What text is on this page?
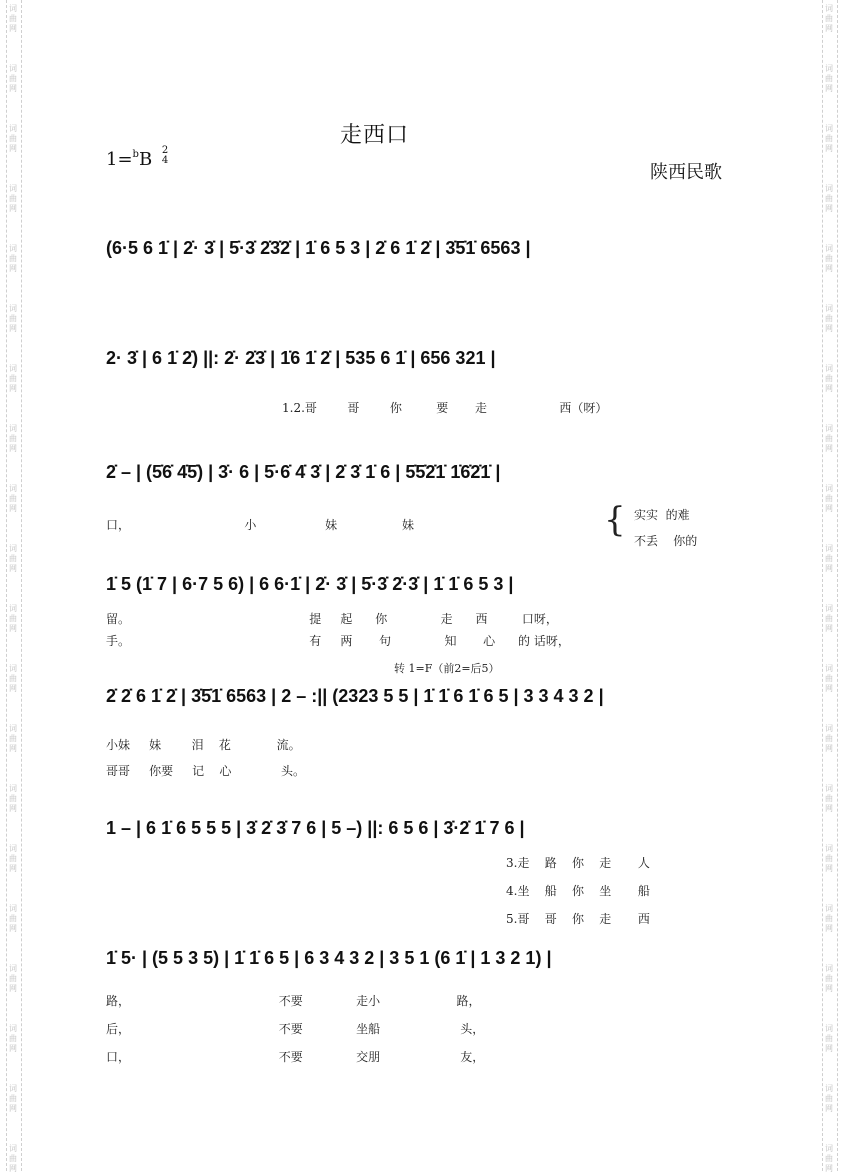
词
曲
网
词
曲
网
词
曲
网
词
曲
网
词
曲
网
词
曲
网
词
曲
网
词
曲
网
词
曲
网
词
曲
网
词
曲
网
词
曲
网
词
曲
网
词
曲
网
词
曲
网
词
曲
网
词
曲
网
词
曲
网
词
曲
网
词
曲
网
词
曲
网
词
曲
网
词
曲
网
词
曲
网
词
曲
网
词
曲
网
词
曲
网
词
曲
网
词
曲
网
词
曲
网
词
曲
网
词
曲
网
词
曲
网
词
曲
网
词
曲
网
词
曲
网
词
曲
网
词
曲
网
词
曲
网
词
曲
网
走西口
1=$^b$B 2
4
陕西民歌
(6·5 6 1̇ | 2̇· 3̇ | 5̇·3̇ 2̇3̇2̇ | 1̇ 6 5 3 | 2̇ 6 1̇ 2̇ | 3̇5̇1̇ 6563 |
2· 3̇ | 6 1̇ 2̇) ||: 2̇· 2̇3̇ | 1̇6 1̇ 2̇ | 535 6 1̇ | 656 321 |
1.2.哥        哥        你         要       走                   西（呀）
2̇ – | (5̇6̇ 4̇5̇) | 3̇· 6 | 5̇·6̇ 4̇ 3̇ | 2̇ 3̇ 1̇ 6 | 5̇5̇2̇1̇ 1̇6̇2̇1̇ |
口，                              小                  妹                 妹	{ 实实  的难
不丢    你的
1̇ 5 (1̇ 7 | 6·7 5 6) | 6 6·1̇ | 2̇· 3̇ | 5̇·3̇ 2̇·3̇ | 1̇ 1̇ 6 5 3 |
留。                                               提     起      你              走      西         口呀，
手。                                               有     两       句              知       心      的 话呀，
转 1=F（前2=后5）
2̇ 2̇ 6 1̇ 2̇ | 3̇5̇1̇ 6563 | 2 – :|| (2323 5 5 | 1̇ 1̇ 6 1̇ 6 5 | 3 3 4 3 2 |
小妹     妹        泪    花            流。
哥哥     你要     记    心             头。
1 – | 6 1̇ 6 5 5 5 | 3̇ 2̇ 3̇ 7 6 | 5 –) ||: 6 5 6 | 3̇·2̇ 1̇ 7 6 |
3.走    路    你    走       人
4.坐    船    你    坐       船
5.哥    哥    你    走       西
1̇ 5· | (5 5 3 5) | 1̇ 1̇ 6 5 | 6 3 4 3 2 | 3 5 1 (6 1̇ | 1 3 2 1) |
路，                                       不要              走小                    路，
后，                                       不要              坐船                     头，
口，                                       不要              交朋                     友，
